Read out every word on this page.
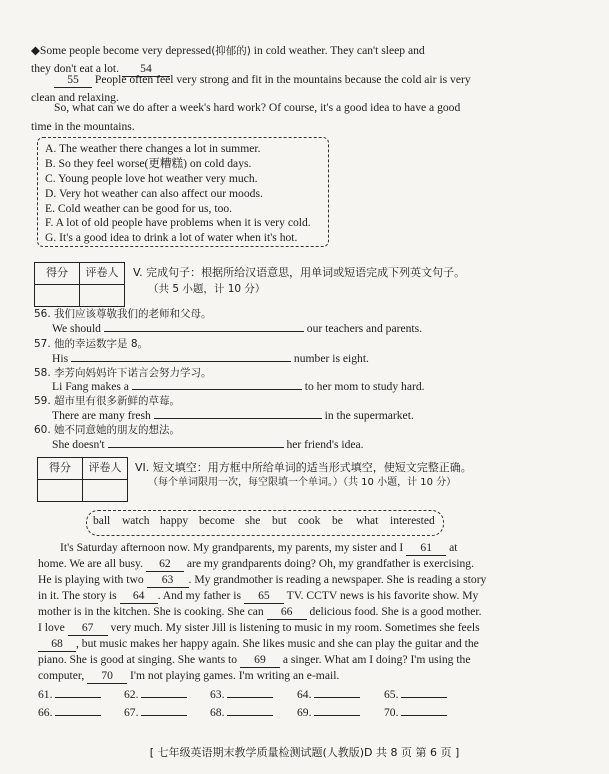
◆Some people become very depressed(抑郁的) in cold weather. They can't sleep and
they don't eat a lot. 54
55 People often feel very strong and fit in the mountains because the cold air is very
clean and relaxing.
So, what can we do after a week's hard work? Of course, it's a good idea to have a good
time in the mountains.
A. The weather there changes a lot in summer.
B. So they feel worse(更糟糕) on cold days.
C. Young people love hot weather very much.
D. Very hot weather can also affect our moods.
E. Cold weather can be good for us, too.
F. A lot of old people have problems when it is very cold.
G. It's a good idea to drink a lot of water when it's hot.
得分	评卷人
	V. 完成句子：根据所给汉语意思，用单词或短语完成下列英文句子。
（共 5 小题，计 10 分）
56. 我们应该尊敬我们的老师和父母。
We should	our teachers and parents.
57. 他的幸运数字是 8。
His	number is eight.
58. 李芳向妈妈许下诺言会努力学习。
Li Fang makes a	to her mom to study hard.
59. 超市里有很多新鲜的草莓。
There are many fresh	in the supermarket.
60. 她不同意她的朋友的想法。
She doesn't	her friend's idea.
得分	评卷人
	VI. 短文填空：用方框中所给单词的适当形式填空，使短文完整正确。
（每个单词限用一次，每空限填一个单词。）（共 10 小题，计 10 分）
ball watch happy become she but cook be what interested
It's Saturday afternoon now. My grandparents, my parents, my sister and I 61 at
home. We are all busy. 62 are my grandparents doing? Oh, my grandfather is exercising.
He is playing with two 63 . My grandmother is reading a newspaper. She is reading a story
in it. The story is 64 . And my father is 65 TV. CCTV news is his favorite show. My
mother is in the kitchen. She is cooking. She can 66 delicious food. She is a good mother.
I love 67 very much. My sister Jill is listening to music in my room. Sometimes she feels
68 , but music makes her happy again. She likes music and she can play the guitar and the
piano. She is good at singing. She wants to 69 a singer. What am I doing? I'm using the
computer, 70 I'm not playing games. I'm writing an e-mail.
61.	62.	63.	64.	65.
66.	67.	68.	69.	70.
[ 七年级英语期末教学质量检测试题(人教版)D 共 8 页 第 6 页 ]
